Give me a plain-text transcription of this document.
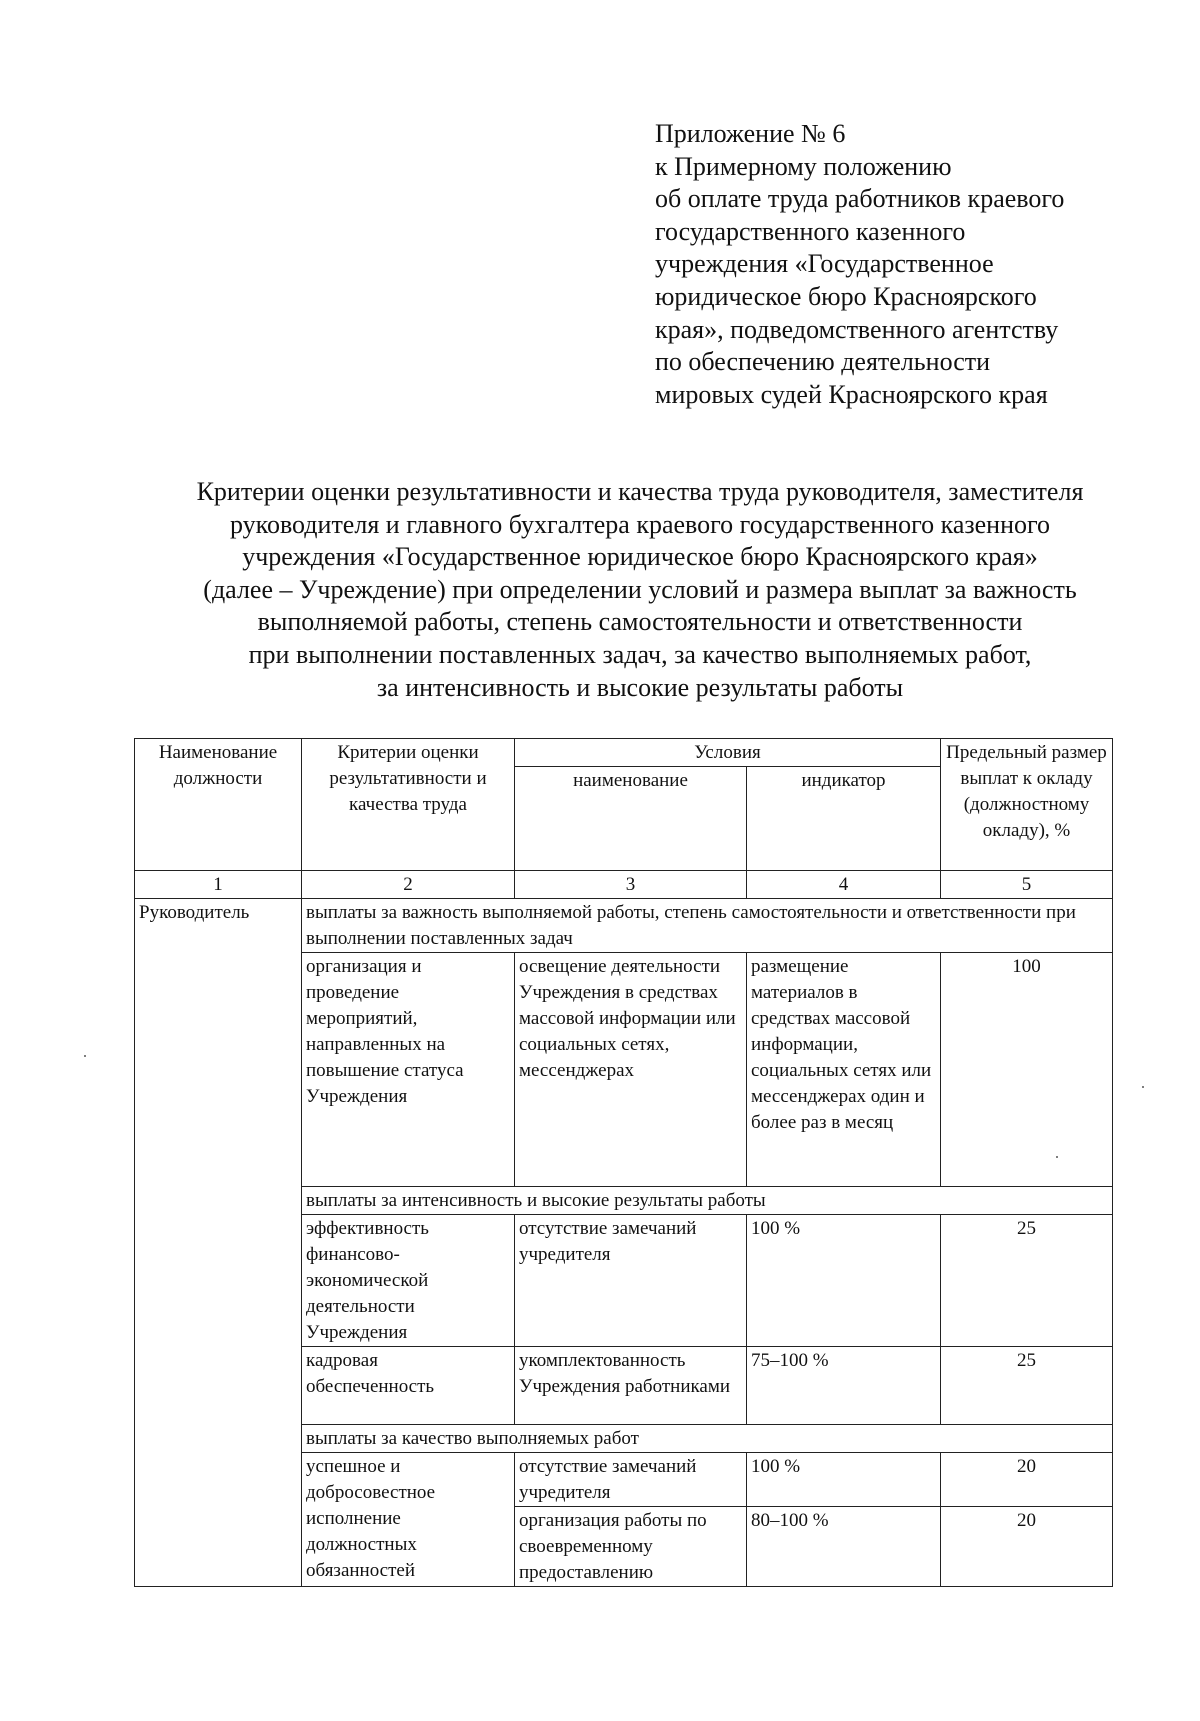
Приложение № 6
к Примерному положению
об оплате труда работников краевого
государственного казенного
учреждения «Государственное
юридическое бюро Красноярского
края», подведомственного агентству
по обеспечению деятельности
мировых судей Красноярского края
Критерии оценки результативности и качества труда руководителя, заместителя
руководителя и главного бухгалтера краевого государственного казенного
учреждения «Государственное юридическое бюро Красноярского края»
(далее – Учреждение) при определении условий и размера выплат за важность
выполняемой работы, степень самостоятельности и ответственности
при выполнении поставленных задач, за качество выполняемых работ,
за интенсивность и высокие результаты работы
Наименование должности	Критерии оценки результативности и качества труда	Условия		Предельный размер выплат к окладу (должностному окладу), %
		наименование	индикатор	
1	2	3	4	5
Руководитель	выплаты за важность выполняемой работы, степень самостоятельности и ответственности при выполнении поставленных задач			
	организация и проведение мероприятий, направленных на повышение статуса Учреждения	освещение деятельности Учреждения в средствах массовой информации или социальных сетях, мессенджерах	размещение материалов в средствах массовой информации, социальных сетях или мессенджерах один и более раз в месяц	100
	выплаты за интенсивность и высокие результаты работы			
	эффективность финансово-экономической деятельности Учреждения	отсутствие замечаний учредителя	100 %	25
	кадровая обеспеченность	укомплектованность Учреждения работниками	75–100 %	25
	выплаты за качество выполняемых работ			
	успешное и добросовестное исполнение должностных обязанностей	отсутствие замечаний учредителя	100 %	20
		организация работы по своевременному предоставлению	80–100 %	20
